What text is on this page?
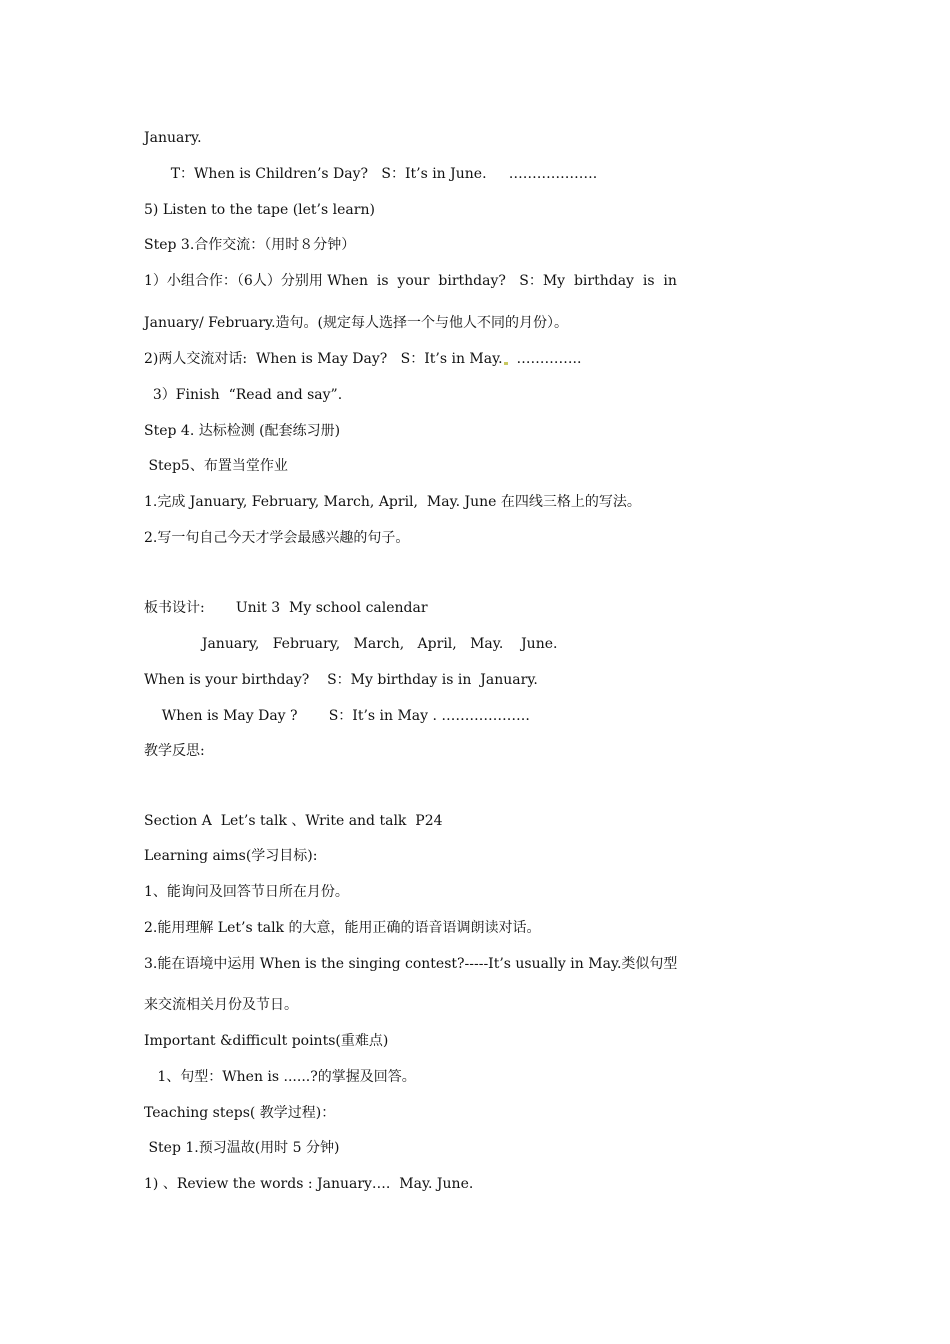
January.
T：When is Children’s Day?   S：It’s in June.     ……………….
5) Listen to the tape (let’s learn)
Step 3.合作交流：（用时８分钟）
1）小组合作：（6人）分别用 When  is  your  birthday?   S：My  birthday  is  in
January/ February.造句。(规定每人选择一个与他人不同的月份）。
2)两人交流对话:  When is May Day?   S：It’s in May.  …………..
3）Finish  “Read and say”.
Step 4. 达标检测 (配套练习册)
Step5、布置当堂作业
1.完成 January, February, March, April,  May. June 在四线三格上的写法。
2.写一句自己今天才学会最感兴趣的句子。
板书设计:       Unit 3  My school calendar
January,   February,   March,   April,   May.    June.
When is your birthday?    S：My birthday is in  January.
When is May Day ?       S：It’s in May . ……………….
教学反思:
Section A  Let’s talk 、Write and talk  P24
Learning aims(学习目标):
1、能询问及回答节日所在月份。
2.能用理解 Let’s talk 的大意，能用正确的语音语调朗读对话。
3.能在语境中运用 When is the singing contest?-----It’s usually in May.类似句型
来交流相关月份及节日。
Important &difficult points(重难点)
1、句型：When is ......?的掌握及回答。
Teaching steps( 教学过程)：
Step 1.预习温故(用时 5 分钟)
1) 、Review the words : January….  May. June.
